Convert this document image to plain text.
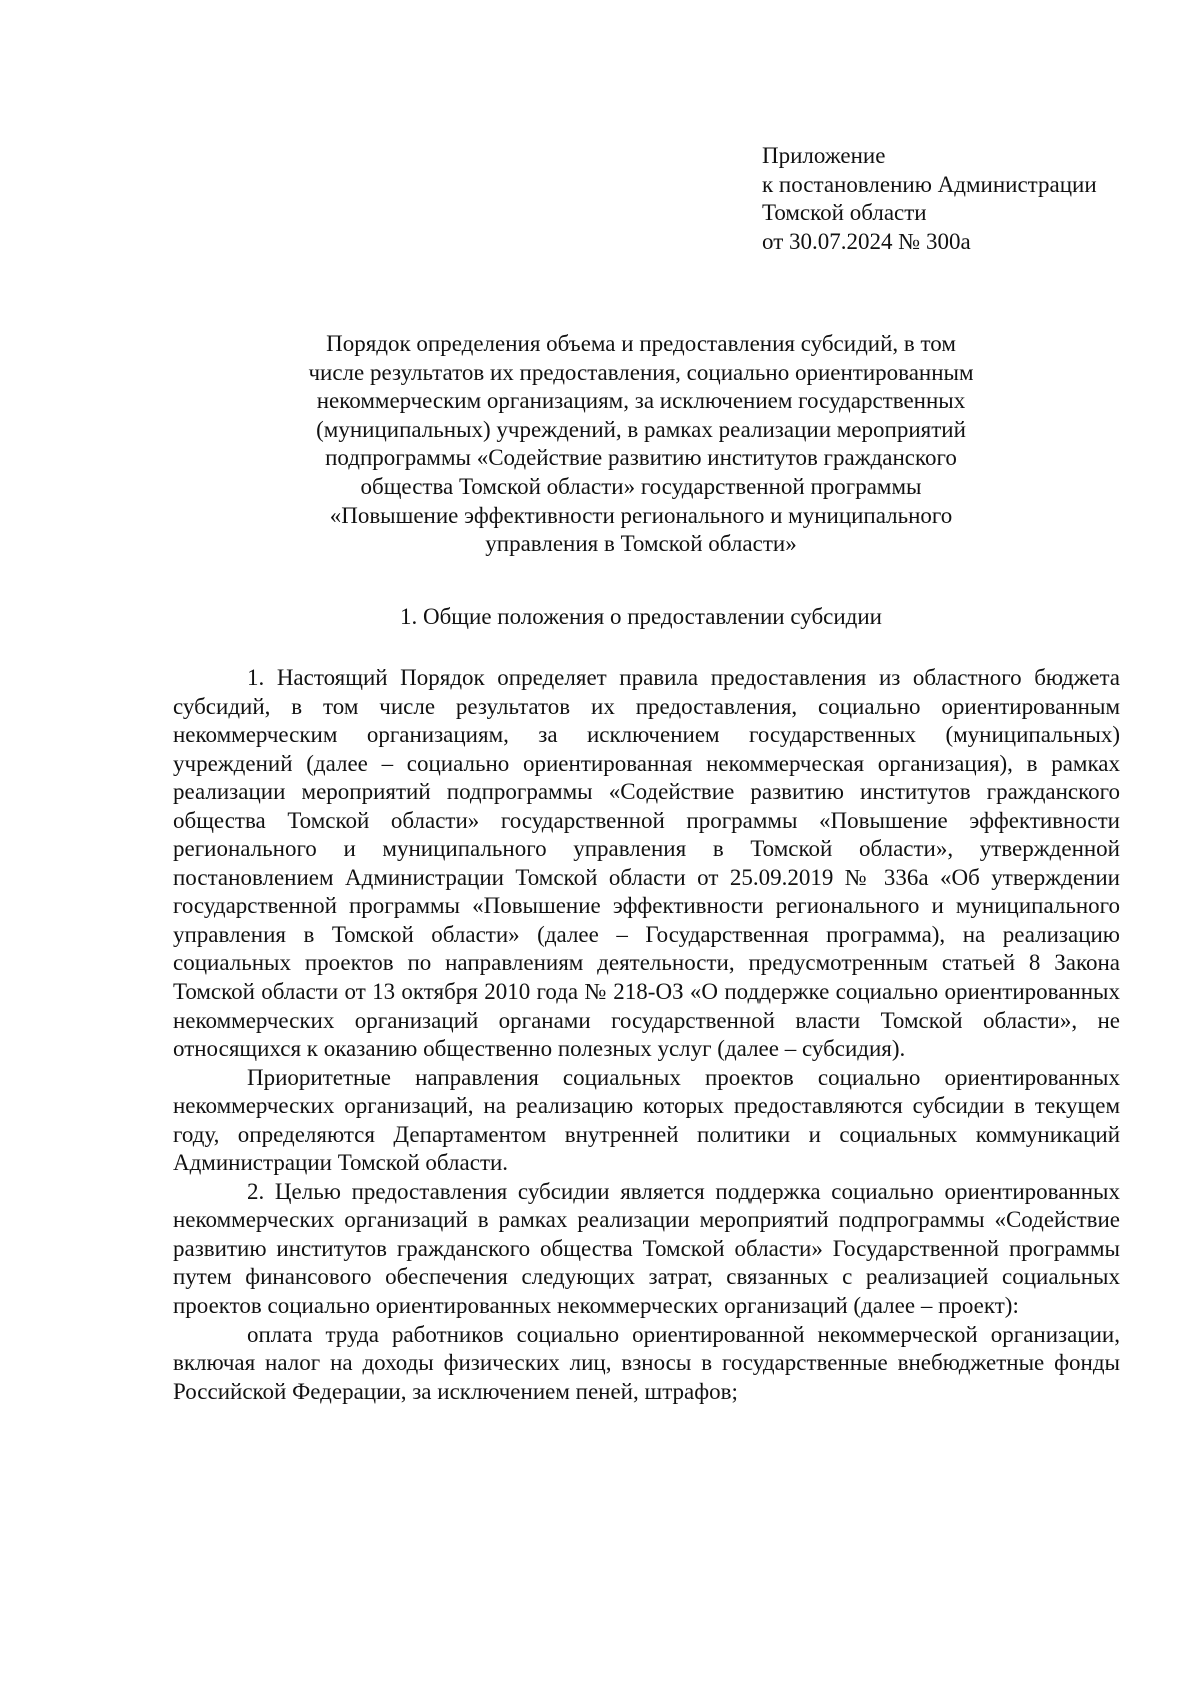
Приложение
к постановлению Администрации
Томской области
от 30.07.2024 № 300а
Порядок определения объема и предоставления субсидий, в том
числе результатов их предоставления, социально ориентированным
некоммерческим организациям, за исключением государственных
(муниципальных) учреждений, в рамках реализации мероприятий
подпрограммы «Содействие развитию институтов гражданского
общества Томской области» государственной программы
«Повышение эффективности регионального и муниципального
управления в Томской области»
1. Общие положения о предоставлении субсидии

1. Настоящий Порядок определяет правила предоставления из областного бюджета субсидий, в том числе результатов их предоставления, социально ориентированным некоммерческим организациям, за исключением государственных (муниципальных) учреждений (далее – социально ориентированная некоммерческая организация), в рамках реализации мероприятий подпрограммы «Содействие развитию институтов гражданского общества Томской области» государственной программы «Повышение эффективности регионального и муниципального управления в Томской области», утвержденной постановлением Администрации Томской области от 25.09.2019 № 336а «Об утверждении государственной программы «Повышение эффективности регионального и муниципального управления в Томской области» (далее – Государственная программа), на реализацию социальных проектов по направлениям деятельности, предусмотренным статьей 8 Закона Томской области от 13 октября 2010 года № 218-ОЗ «О поддержке социально ориентированных некоммерческих организаций органами государственной власти Томской области», не относящихся к оказанию общественно полезных услуг (далее – субсидия).

Приоритетные направления социальных проектов социально ориентированных некоммерческих организаций, на реализацию которых предоставляются субсидии в текущем году, определяются Департаментом внутренней политики и социальных коммуникаций Администрации Томской области.

2. Целью предоставления субсидии является поддержка социально ориентированных некоммерческих организаций в рамках реализации мероприятий подпрограммы «Содействие развитию институтов гражданского общества Томской области» Государственной программы путем финансового обеспечения следующих затрат, связанных с реализацией социальных проектов социально ориентированных некоммерческих организаций (далее – проект):

оплата труда работников социально ориентированной некоммерческой организации, включая налог на доходы физических лиц, взносы в государственные внебюджетные фонды Российской Федерации, за исключением пеней, штрафов;
